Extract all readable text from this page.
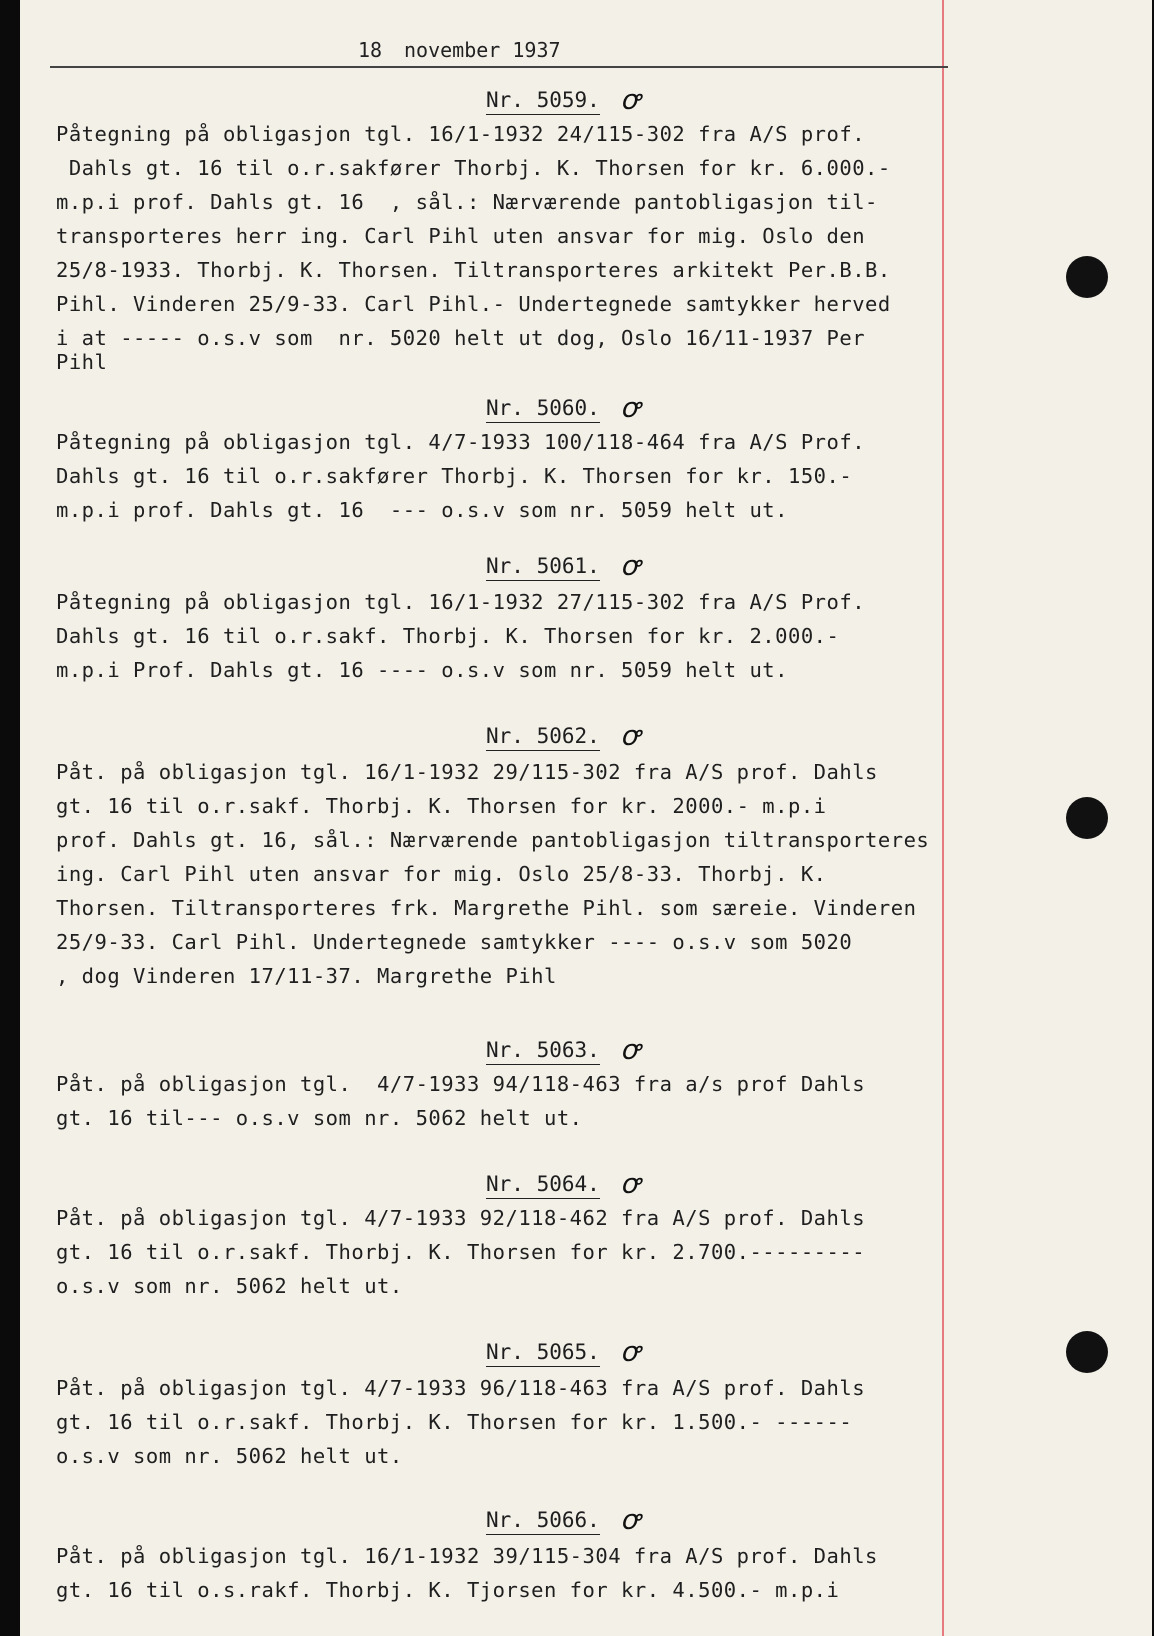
18 november 1937
Nr. 5059. ꝍ
Påtegning på obligasjon tgl. 16/1-1932 24/115-302 fra A/S prof.
Dahls gt. 16 til o.r.sakfører Thorbj. K. Thorsen for kr. 6.000.-
m.p.i prof. Dahls gt. 16  , sål.: Nærværende pantobligasjon til-
transporteres herr ing. Carl Pihl uten ansvar for mig. Oslo den
25/8-1933. Thorbj. K. Thorsen. Tiltransporteres arkitekt Per.B.B.
Pihl. Vinderen 25/9-33. Carl Pihl.- Undertegnede samtykker herved
i at ----- o.s.v som  nr. 5020 helt ut dog, Oslo 16/11-1937 Per
Pihl
Nr. 5060. ꝍ
Påtegning på obligasjon tgl. 4/7-1933 100/118-464 fra A/S Prof.
Dahls gt. 16 til o.r.sakfører Thorbj. K. Thorsen for kr. 150.-
m.p.i prof. Dahls gt. 16  --- o.s.v som nr. 5059 helt ut.
Nr. 5061. ꝍ
Påtegning på obligasjon tgl. 16/1-1932 27/115-302 fra A/S Prof.
Dahls gt. 16 til o.r.sakf. Thorbj. K. Thorsen for kr. 2.000.-
m.p.i Prof. Dahls gt. 16 ---- o.s.v som nr. 5059 helt ut.
Nr. 5062. ꝍ
Påt. på obligasjon tgl. 16/1-1932 29/115-302 fra A/S prof. Dahls
gt. 16 til o.r.sakf. Thorbj. K. Thorsen for kr. 2000.- m.p.i
prof. Dahls gt. 16, sål.: Nærværende pantobligasjon tiltransporteres
ing. Carl Pihl uten ansvar for mig. Oslo 25/8-33. Thorbj. K.
Thorsen. Tiltransporteres frk. Margrethe Pihl. som særeie. Vinderen
25/9-33. Carl Pihl. Undertegnede samtykker ---- o.s.v som 5020
, dog Vinderen 17/11-37. Margrethe Pihl
Nr. 5063. ꝍ
Påt. på obligasjon tgl.  4/7-1933 94/118-463 fra a/s prof Dahls
gt. 16 til--- o.s.v som nr. 5062 helt ut.
Nr. 5064. ꝍ
Påt. på obligasjon tgl. 4/7-1933 92/118-462 fra A/S prof. Dahls
gt. 16 til o.r.sakf. Thorbj. K. Thorsen for kr. 2.700.---------
o.s.v som nr. 5062 helt ut.
Nr. 5065. ꝍ
Påt. på obligasjon tgl. 4/7-1933 96/118-463 fra A/S prof. Dahls
gt. 16 til o.r.sakf. Thorbj. K. Thorsen for kr. 1.500.- ------
o.s.v som nr. 5062 helt ut.
Nr. 5066. ꝍ
Påt. på obligasjon tgl. 16/1-1932 39/115-304 fra A/S prof. Dahls
gt. 16 til o.s.rakf. Thorbj. K. Tjorsen for kr. 4.500.- m.p.i
